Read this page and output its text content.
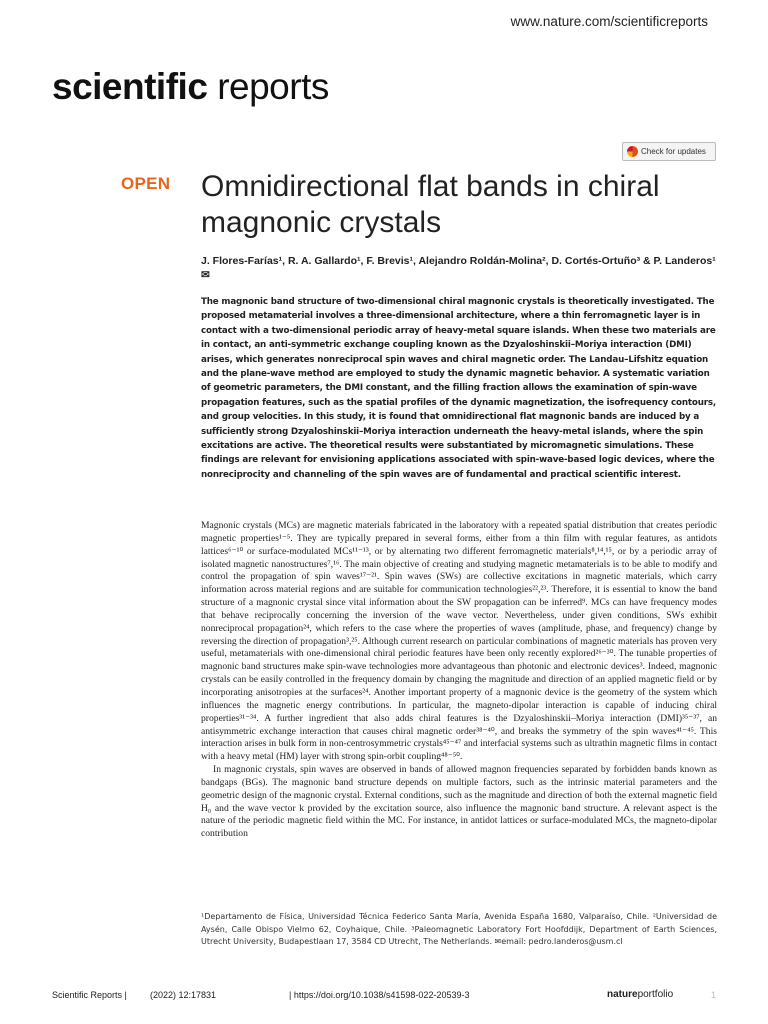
www.nature.com/scientificreports
scientific reports
Check for updates
OPEN Omnidirectional flat bands in chiral magnonic crystals
J. Flores-Farías¹, R. A. Gallardo¹, F. Brevis¹, Alejandro Roldán-Molina², D. Cortés-Ortuño³ & P. Landeros¹✉
The magnonic band structure of two-dimensional chiral magnonic crystals is theoretically investigated. The proposed metamaterial involves a three-dimensional architecture, where a thin ferromagnetic layer is in contact with a two-dimensional periodic array of heavy-metal square islands. When these two materials are in contact, an anti-symmetric exchange coupling known as the Dzyaloshinskii–Moriya interaction (DMI) arises, which generates nonreciprocal spin waves and chiral magnetic order. The Landau–Lifshitz equation and the plane-wave method are employed to study the dynamic magnetic behavior. A systematic variation of geometric parameters, the DMI constant, and the filling fraction allows the examination of spin-wave propagation features, such as the spatial profiles of the dynamic magnetization, the isofrequency contours, and group velocities. In this study, it is found that omnidirectional flat magnonic bands are induced by a sufficiently strong Dzyaloshinskii–Moriya interaction underneath the heavy-metal islands, where the spin excitations are active. The theoretical results were substantiated by micromagnetic simulations. These findings are relevant for envisioning applications associated with spin-wave-based logic devices, where the nonreciprocity and channeling of the spin waves are of fundamental and practical scientific interest.

Magnonic crystals (MCs) are magnetic materials fabricated in the laboratory with a repeated spatial distribution that creates periodic magnetic properties¹⁻⁵. They are typically prepared in several forms, either from a thin film with regular features, as antidots lattices⁶⁻¹⁰ or surface-modulated MCs¹¹⁻¹³, or by alternating two different ferromagnetic materials⁸,¹⁴,¹⁵, or by a periodic array of isolated magnetic nanostructures⁷,¹⁶. The main objective of creating and studying magnetic metamaterials is to be able to modify and control the propagation of spin waves¹⁷⁻²¹. Spin waves (SWs) are collective excitations in magnetic materials, which carry information across material regions and are suitable for communication technologies²²,²³. Therefore, it is essential to know the band structure of a magnonic crystal since vital information about the SW propagation can be inferred⁹. MCs can have frequency modes that behave reciprocally concerning the inversion of the wave vector. Nevertheless, under given conditions, SWs exhibit nonreciprocal propagation²⁴, which refers to the case where the properties of waves (amplitude, phase, and frequency) change by reversing the direction of propagation³,²⁵. Although current research on particular combinations of magnetic materials has proven very useful, metamaterials with one-dimensional chiral periodic features have been only recently explored²⁶⁻³⁰. The tunable properties of magnonic band structures make spin-wave technologies more advantageous than photonic and electronic devices³. Indeed, magnonic crystals can be easily controlled in the frequency domain by changing the magnitude and direction of an applied magnetic field or by incorporating anisotropies at the surfaces²⁴. Another important property of a magnonic device is the geometry of the system which influences the magnetic energy contributions. In particular, the magneto-dipolar interaction is capable of inducing chiral properties³¹⁻³⁴. A further ingredient that also adds chiral features is the Dzyaloshinskii–Moriya interaction (DMI)³⁵⁻³⁷, an antisymmetric exchange interaction that causes chiral magnetic order³⁸⁻⁴⁰, and breaks the symmetry of the spin waves⁴¹⁻⁴⁵. This interaction arises in bulk form in non-centrosymmetric crystals⁴⁵⁻⁴⁷ and interfacial systems such as ultrathin magnetic films in contact with a heavy metal (HM) layer with strong spin-orbit coupling⁴⁸⁻⁵⁰.

In magnonic crystals, spin waves are observed in bands of allowed magnon frequencies separated by forbidden bands known as bandgaps (BGs). The magnonic band structure depends on multiple factors, such as the intrinsic material parameters and the geometric design of the magnonic crystal. External conditions, such as the magnitude and direction of both the external magnetic field H₀ and the wave vector k provided by the excitation source, also influence the magnonic band structure. A relevant aspect is the nature of the periodic magnetic field within the MC. For instance, in antidot lattices or surface-modulated MCs, the magneto-dipolar contribution

¹Departamento de Física, Universidad Técnica Federico Santa María, Avenida España 1680, Valparaíso, Chile. ²Universidad de Aysén, Calle Obispo Vielmo 62, Coyhaique, Chile. ³Paleomagnetic Laboratory Fort Hoofddijk, Department of Earth Sciences, Utrecht University, Budapestlaan 17, 3584 CD Utrecht, The Netherlands. ✉email: pedro.landeros@usm.cl
Scientific Reports |	(2022) 12:17831	| https://doi.org/10.1038/s41598-022-20539-3	natureportfolio	1
